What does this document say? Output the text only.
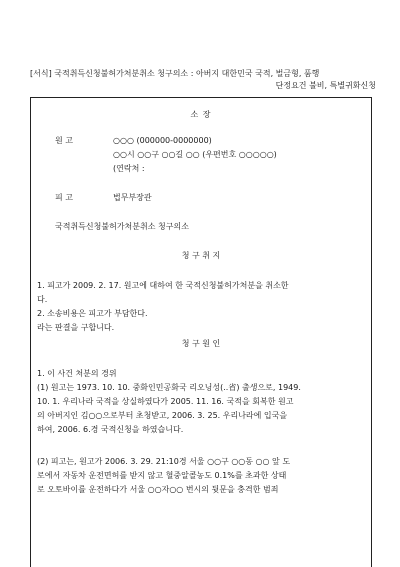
[서식] 국적취득신청불허가처분취소 청구의소 : 아버지 대한민국 국적, 벌금형, 품행
단정요건 불비, 특별귀화신청
소 장
원 고	○○○ (000000-0000000)
○○시 ○○구 ○○길 ○○ (우편번호 ○○○○○)
(연락처 :
피 고	법무부장관
국적취득신청불허가처분취소 청구의소
청 구 취 지
1. 피고가 2009. 2. 17. 원고에 대하여 한 국적신청불허가처분을 취소한
다.
2. 소송비용은 피고가 부담한다.
라는 판결을 구합니다.
청 구 원 인
1. 이 사건 처분의 경위
(1) 원고는 1973. 10. 10. 중화인민공화국 리오닝성(..省) 출생으로, 1949.
10. 1. 우리나라 국적을 상실하였다가 2005. 11. 16. 국적을 회복한 원고
의 아버지인 김○○으로부터 초청받고, 2006. 3. 25. 우리나라에 입국을
하여, 2006. 6.경 국적신청을 하였습니다.
(2) 피고는, 원고가 2006. 3. 29. 21:10경 서울 ○○구 ○○동 ○○ 앞 도
로에서 자동차 운전면허를 받지 않고 혈중알콜농도 0.1%를 초과한 상태
로 오토바이를 운전하다가 서울 ○○자○○ 번시의 뒷문을 충격한 범죄
